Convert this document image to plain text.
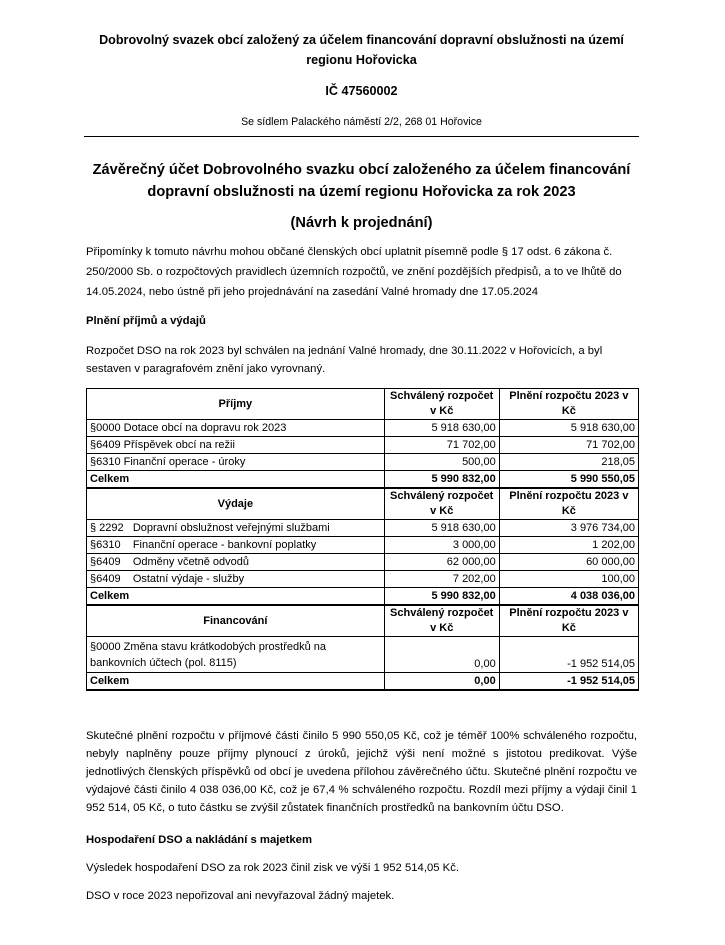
Dobrovolný svazek obcí založený za účelem financování dopravní obslužnosti na území regionu Hořovicka
IČ 47560002
Se sídlem Palackého náměstí 2/2, 268 01 Hořovice
Závěrečný účet Dobrovolného svazku obcí založeného za účelem financování dopravní obslužnosti na území regionu Hořovicka za rok 2023
(Návrh k projednání)

Připomínky k tomuto návrhu mohou občané členských obcí uplatnit písemně podle § 17 odst. 6 zákona č. 250/2000 Sb. o rozpočtových pravidlech územních rozpočtů, ve znění pozdějších předpisů, a to ve lhůtě do 14.05.2024, nebo ústně při jeho projednávání na zasedání Valné hromady dne 17.05.2024

Plnění příjmů a výdajů

Rozpočet DSO na rok 2023 byl schválen na jednání Valné hromady, dne 30.11.2022 v Hořovicích, a byl sestaven v paragrafovém znění jako vyrovnaný.

Příjmy	Schválený rozpočet v Kč	Plnění rozpočtu 2023 v Kč
§0000 Dotace obcí na dopravu rok 2023	5 918 630,00	5 918 630,00
§6409 Příspěvek obcí na režii	71 702,00	71 702,00
§6310 Finanční operace - úroky	500,00	218,05
Celkem	5 990 832,00	5 990 550,05
Výdaje	Schválený rozpočet v Kč	Plnění rozpočtu 2023 v Kč
§ 2292   Dopravní obslužnost veřejnými službami	5 918 630,00	3 976 734,00
§6310    Finanční operace - bankovní poplatky	3 000,00	1 202,00
§6409    Odměny včetně odvodů	62 000,00	60 000,00
§6409    Ostatní výdaje - služby	7 202,00	100,00
Celkem	5 990 832,00	4 038 036,00
Financování	Schválený rozpočet v Kč	Plnění rozpočtu 2023 v Kč
§0000 Změna stavu krátkodobých prostředků na bankovních účtech (pol. 8115)	0,00	-1 952 514,05
Celkem	0,00	-1 952 514,05

Skutečné plnění rozpočtu v příjmové části činilo 5 990 550,05 Kč, což je téměř 100% schváleného rozpočtu, nebyly naplněny pouze příjmy plynoucí z úroků, jejichž výši není možné s jistotou predikovat. Výše jednotlivých členských příspěvků od obcí je uvedena přílohou závěrečného účtu. Skutečné plnění rozpočtu ve výdajové části činilo 4 038 036,00 Kč, což je 67,4 % schváleného rozpočtu. Rozdíl mezi příjmy a výdaji činil 1 952 514, 05 Kč, o tuto částku se zvýšil zůstatek finančních prostředků na bankovním účtu DSO.

Hospodaření DSO a nakládání s majetkem

Výsledek hospodaření DSO za rok 2023 činil zisk ve výši 1 952 514,05 Kč.

DSO v roce 2023 nepořizoval ani nevyřazoval žádný majetek.
